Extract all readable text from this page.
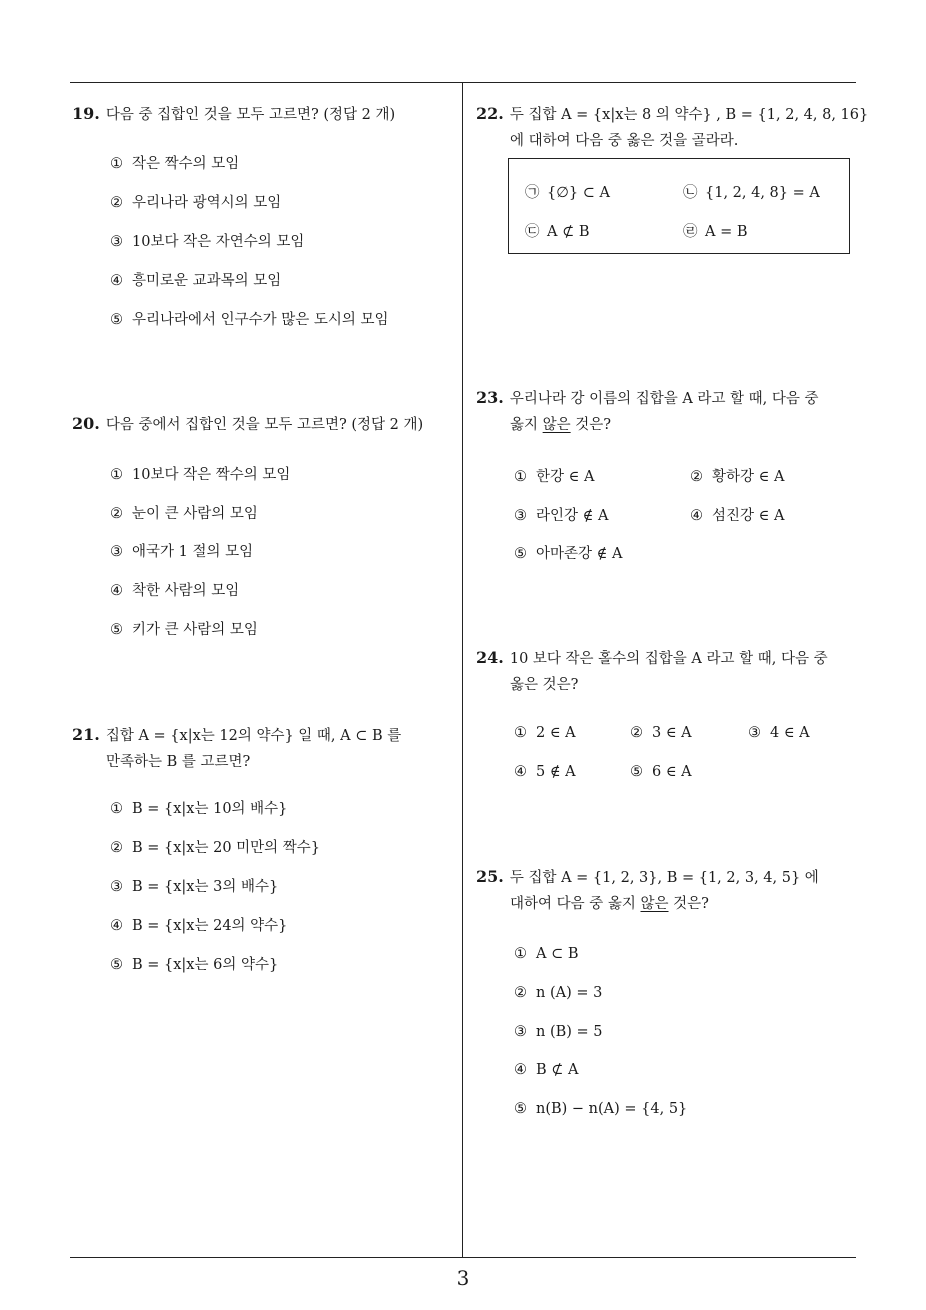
19. 다음 중 집합인 것을 모두 고르면? (정답 2 개)
① 작은 짝수의 모임
② 우리나라 광역시의 모임
③ 10보다 작은 자연수의 모임
④ 흥미로운 교과목의 모임
⑤ 우리나라에서 인구수가 많은 도시의 모임
20. 다음 중에서 집합인 것을 모두 고르면? (정답 2 개)
① 10보다 작은 짝수의 모임
② 눈이 큰 사람의 모임
③ 애국가 1 절의 모임
④ 착한 사람의 모임
⑤ 키가 큰 사람의 모임
21. 집합 A = {x|x는 12의 약수} 일 때, A ⊂ B 를
만족하는 B 를 고르면?
① B = {x|x는 10의 배수}
② B = {x|x는 20 미만의 짝수}
③ B = {x|x는 3의 배수}
④ B = {x|x는 24의 약수}
⑤ B = {x|x는 6의 약수}
22. 두 집합 A = {x|x는 8 의 약수} , B = {1, 2, 4, 8, 16}
에 대하여 다음 중 옳은 것을 골라라.
㉠ {∅} ⊂ A	㉡ {1, 2, 4, 8} = A
㉢ A ⊄ B	㉣ A = B
23. 우리나라 강 이름의 집합을 A 라고 할 때, 다음 중
옳지 않은 것은?
① 한강 ∈ A	② 황하강 ∈ A
③ 라인강 ∉ A	④ 섬진강 ∈ A
⑤ 아마존강 ∉ A
24. 10 보다 작은 홀수의 집합을 A 라고 할 때, 다음 중
옳은 것은?
① 2 ∈ A	② 3 ∈ A	③ 4 ∈ A
④ 5 ∉ A	⑤ 6 ∈ A
25. 두 집합 A = {1, 2, 3}, B = {1, 2, 3, 4, 5} 에
대하여 다음 중 옳지 않은 것은?
① A ⊂ B
② n (A) = 3
③ n (B) = 5
④ B ⊄ A
⑤ n(B) − n(A) = {4, 5}
3
